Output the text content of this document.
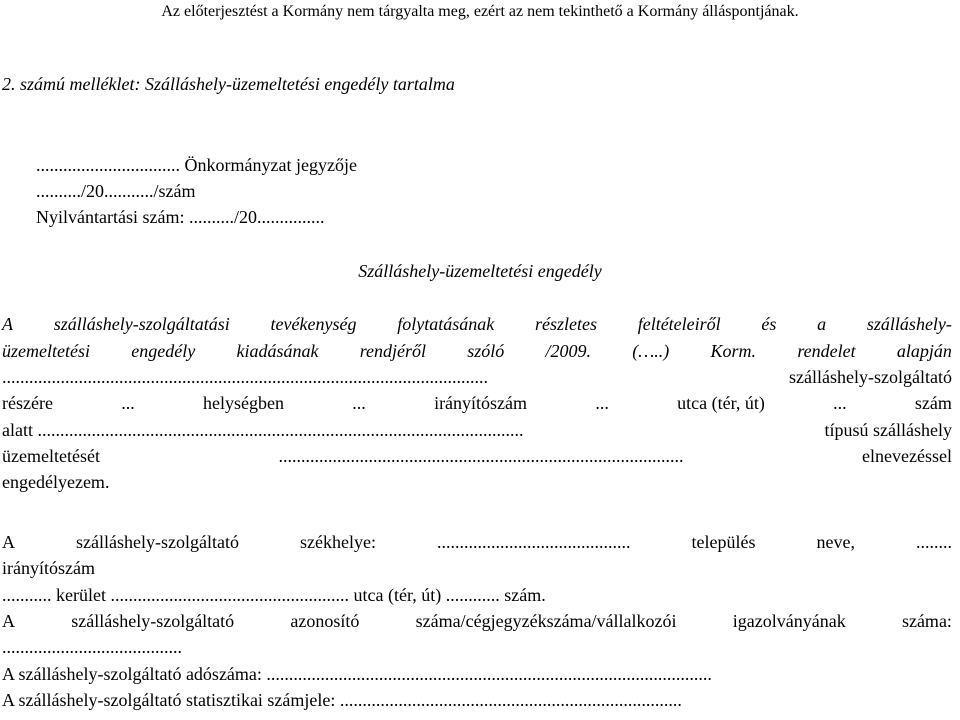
Az előterjesztést a Kormány nem tárgyalta meg, ezért az nem tekinthető a Kormány álláspontjának.
2. számú melléklet: Szálláshely-üzemeltetési engedély tartalma
................................ Önkormányzat jegyzője
........../20.........../szám
Nyilvántartási szám: ........../20...............
Szálláshely-üzemeltetési engedély
A szálláshely-szolgáltatási tevékenység folytatásának részletes feltételeiről és a szálláshely-
üzemeltetési engedély kiadásának rendjéről szóló /2009. (…..) Korm. rendelet alapján
............................................................................................................	szálláshely-szolgáltató
részére	...	helységben	...	irányítószám	...	utca (tér, út)	...	szám
alatt ............................................................................................................	típusú szálláshely
üzemeltetését	..........................................................................................	elnevezéssel
engedélyezem.
A	szálláshely-szolgáltató	székhelye:	...........................................	település	neve,	........
irányítószám
........... kerület ..................................................... utca (tér, út) ............ szám.
A	szálláshely-szolgáltató	azonosító	száma/cégjegyzékszáma/vállalkozói	igazolványának	száma:
........................................
A szálláshely-szolgáltató adószáma: ...................................................................................................
A szálláshely-szolgáltató statisztikai számjele: ............................................................................
